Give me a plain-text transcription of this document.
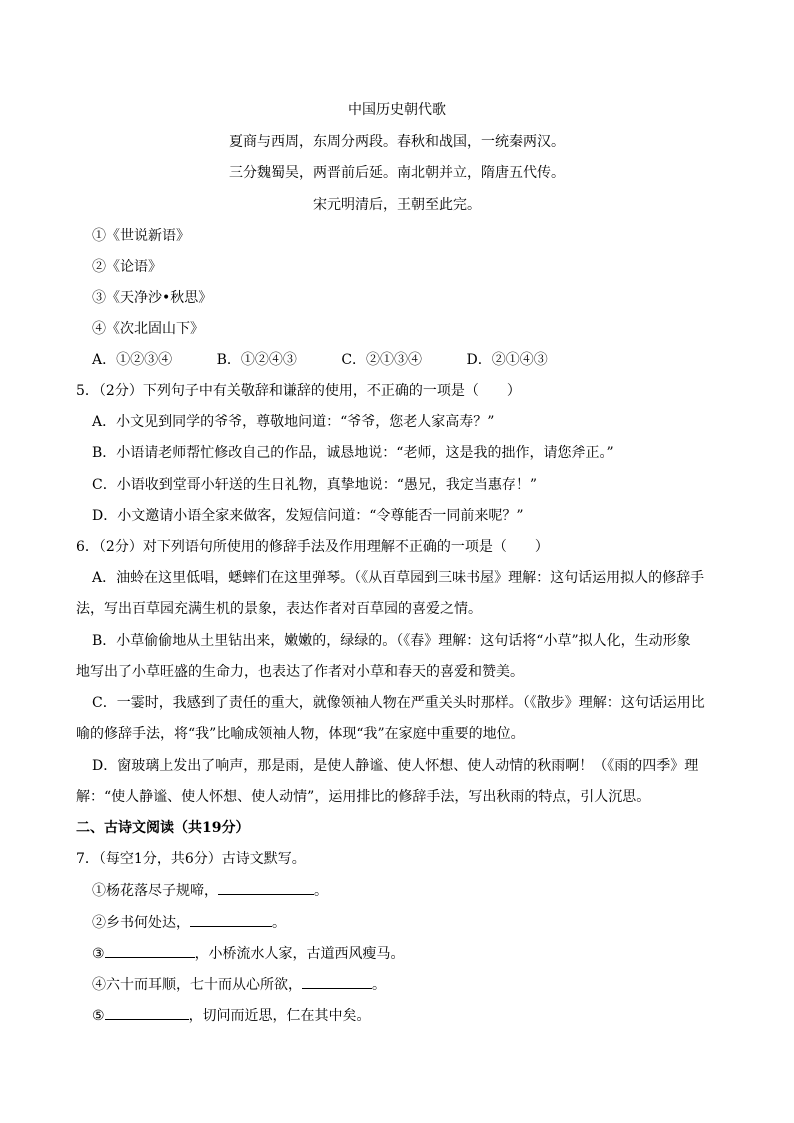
中国历史朝代歌
夏商与西周，东周分两段。春秋和战国，一统秦两汉。
三分魏蜀吴，两晋前后延。南北朝并立，隋唐五代传。
宋元明清后，王朝至此完。
①《世说新语》
②《论语》
③《天净沙•秋思》
④《次北固山下》
A．①②③④	B．①②④③	C．②①③④	D．②①④③
5．（2分）下列句子中有关敬辞和谦辞的使用，不正确的一项是（　　）
A．小文见到同学的爷爷，尊敬地问道：“爷爷，您老人家高寿？”
B．小语请老师帮忙修改自己的作品，诚恳地说：“老师，这是我的拙作，请您斧正。”
C．小语收到堂哥小轩送的生日礼物，真挚地说：“愚兄，我定当惠存！”
D．小文邀请小语全家来做客，发短信问道：“令尊能否一同前来呢？”
6．（2分）对下列语句所使用的修辞手法及作用理解不正确的一项是（　　）
A．油蛉在这里低唱，蟋蟀们在这里弹琴。（《从百草园到三味书屋》理解：这句话运用拟人的修辞手
法，写出百草园充满生机的景象，表达作者对百草园的喜爱之情。
B．小草偷偷地从土里钻出来，嫩嫩的，绿绿的。（《春》理解：这句话将“小草”拟人化，生动形象
地写出了小草旺盛的生命力，也表达了作者对小草和春天的喜爱和赞美。
C．一霎时，我感到了责任的重大，就像领袖人物在严重关头时那样。（《散步》理解：这句话运用比
喻的修辞手法，将“我”比喻成领袖人物，体现“我”在家庭中重要的地位。
D．窗玻璃上发出了响声，那是雨，是使人静谧、使人怀想、使人动情的秋雨啊！（《雨的四季》理
解：“使人静谧、使人怀想、使人动情”，运用排比的修辞手法，写出秋雨的特点，引人沉思。
二、古诗文阅读（共19分）
7．（每空1分，共6分）古诗文默写。
①杨花落尽子规啼，	。
②乡书何处达，	。
③	，小桥流水人家，古道西风瘦马。
④六十而耳顺，七十而从心所欲，	。
⑤	，切问而近思，仁在其中矣。
